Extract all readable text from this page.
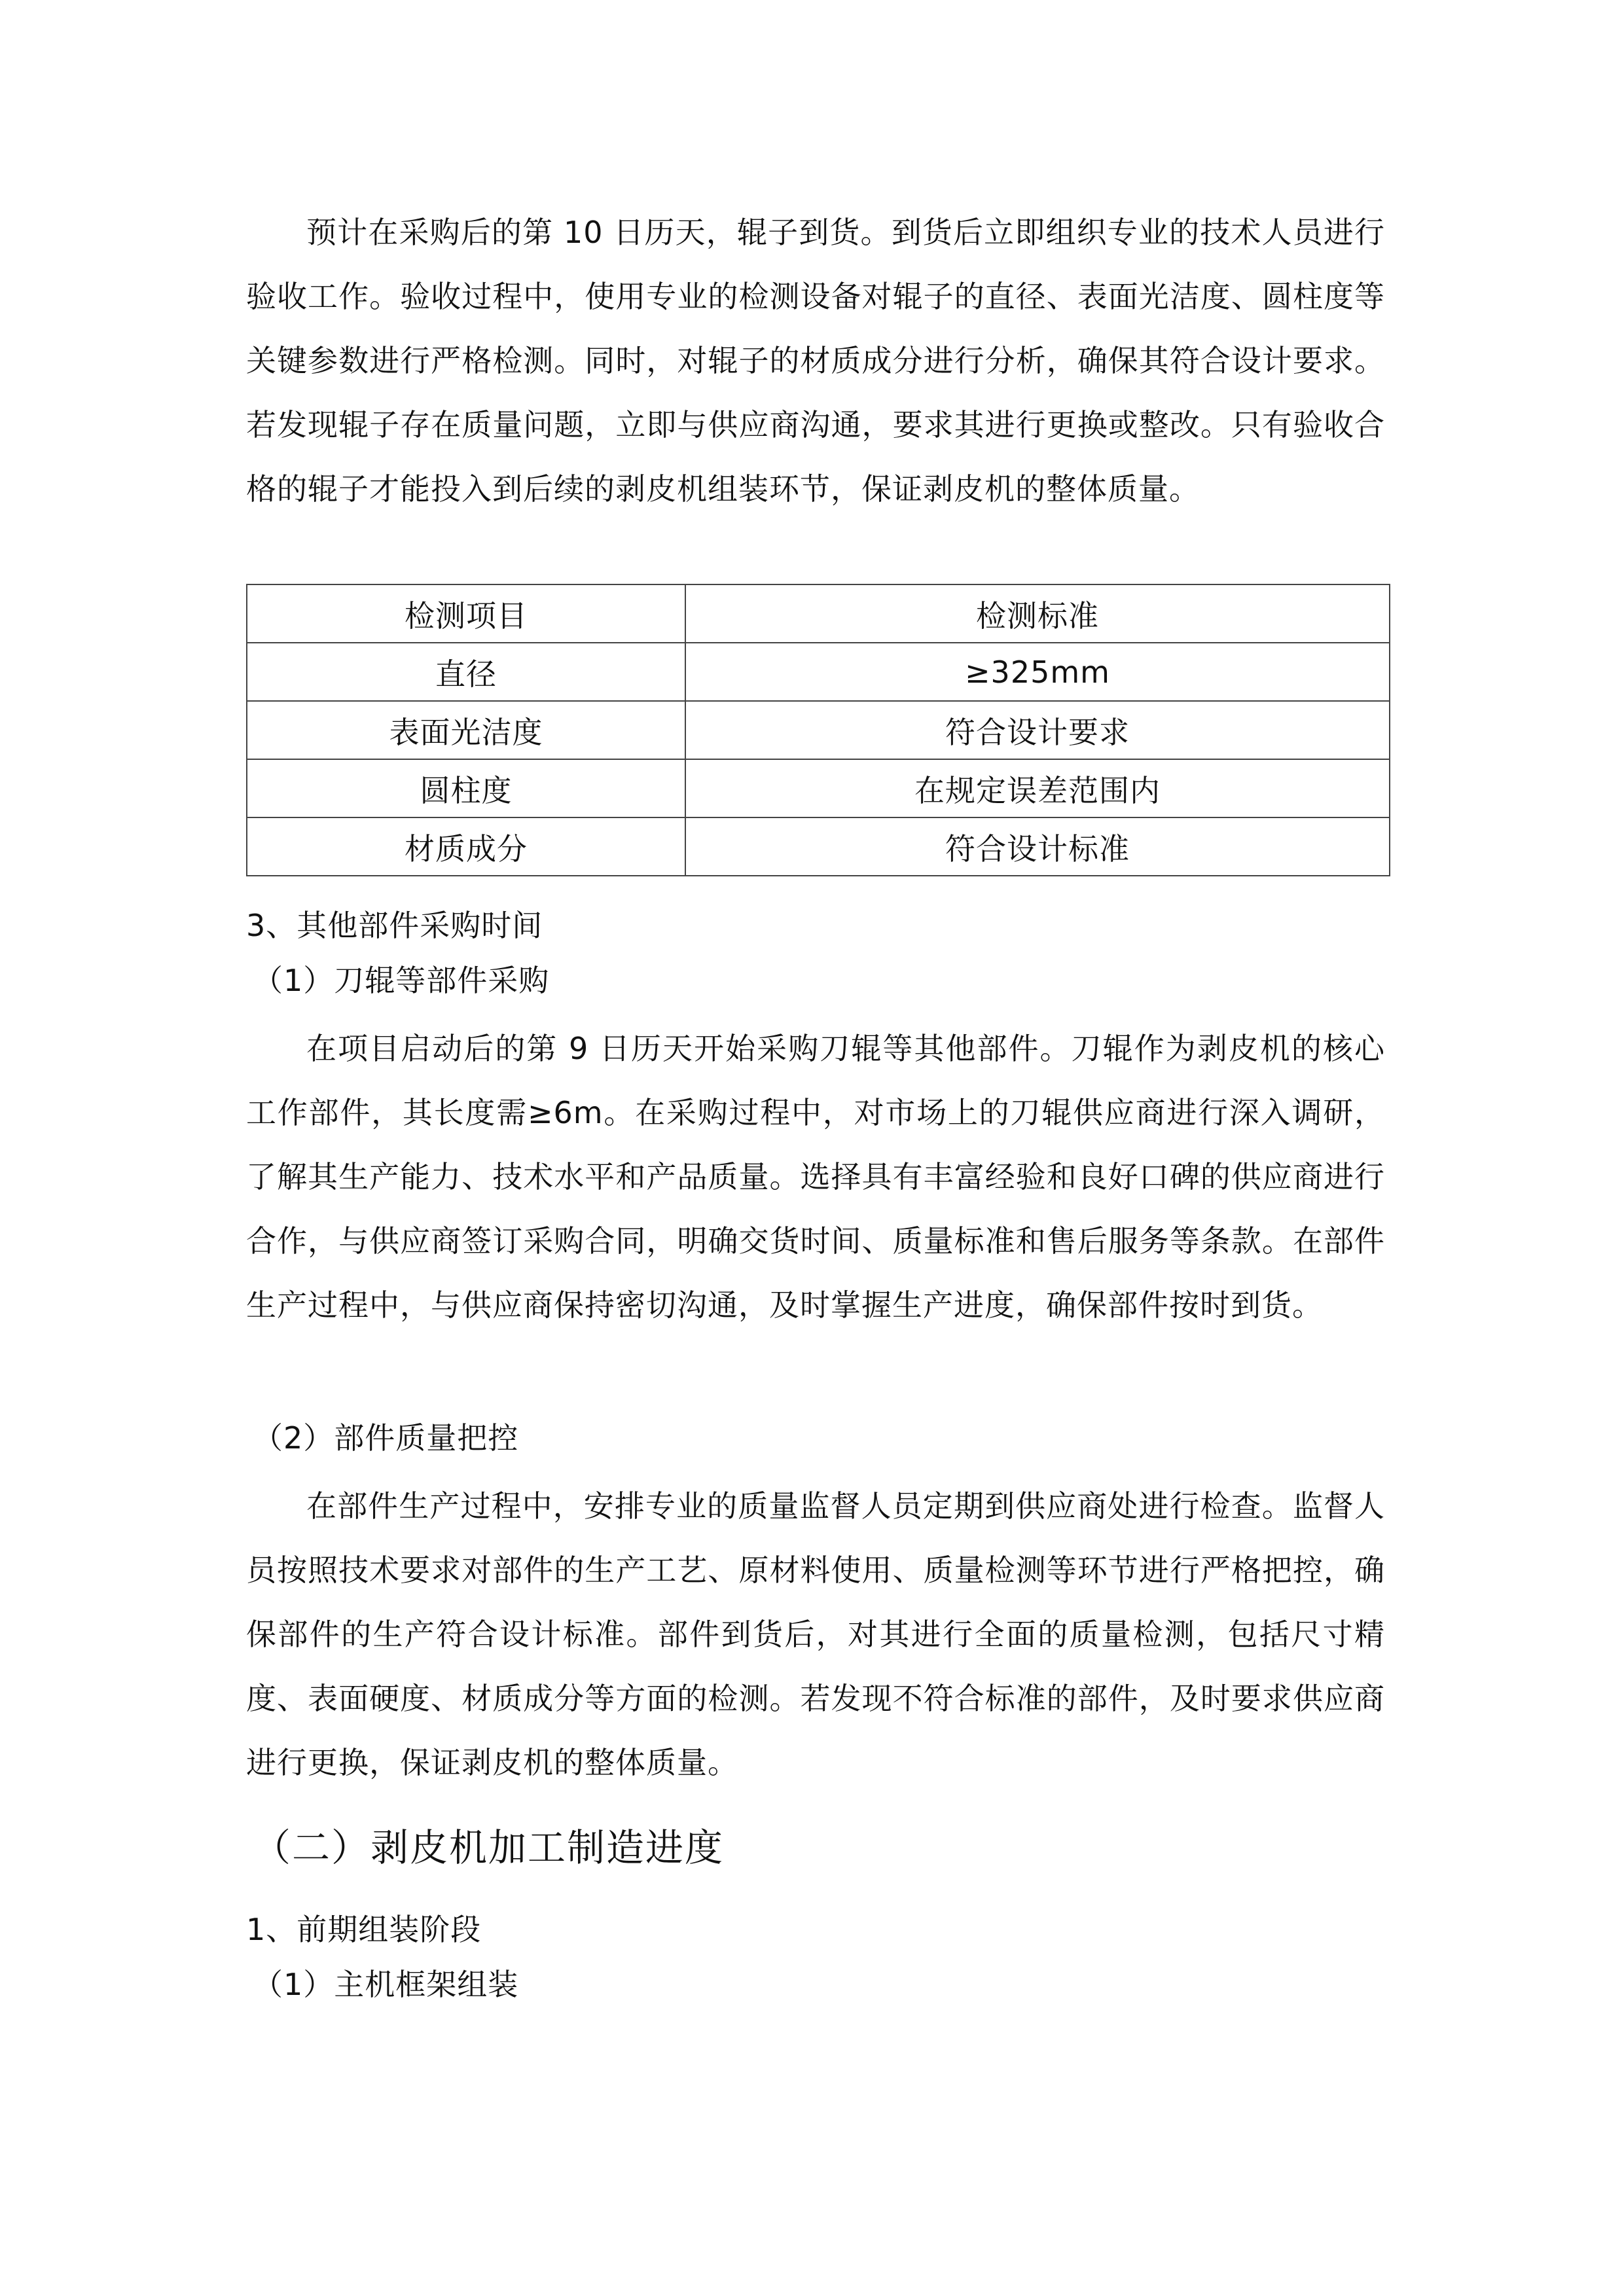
预计在采购后的第 10 日历天，辊子到货。到货后立即组织专业的技术人员进行验收工作。验收过程中，使用专业的检测设备对辊子的直径、表面光洁度、圆柱度等关键参数进行严格检测。同时，对辊子的材质成分进行分析，确保其符合设计要求。若发现辊子存在质量问题，立即与供应商沟通，要求其进行更换或整改。只有验收合格的辊子才能投入到后续的剥皮机组装环节，保证剥皮机的整体质量。
检测项目	检测标准
直径	≥325mm
表面光洁度	符合设计要求
圆柱度	在规定误差范围内
材质成分	符合设计标准
3、其他部件采购时间
（1）刀辊等部件采购
在项目启动后的第 9 日历天开始采购刀辊等其他部件。刀辊作为剥皮机的核心工作部件，其长度需≥6m。在采购过程中，对市场上的刀辊供应商进行深入调研，了解其生产能力、技术水平和产品质量。选择具有丰富经验和良好口碑的供应商进行合作，与供应商签订采购合同，明确交货时间、质量标准和售后服务等条款。在部件生产过程中，与供应商保持密切沟通，及时掌握生产进度，确保部件按时到货。
（2）部件质量把控
在部件生产过程中，安排专业的质量监督人员定期到供应商处进行检查。监督人员按照技术要求对部件的生产工艺、原材料使用、质量检测等环节进行严格把控，确保部件的生产符合设计标准。部件到货后，对其进行全面的质量检测，包括尺寸精度、表面硬度、材质成分等方面的检测。若发现不符合标准的部件，及时要求供应商进行更换，保证剥皮机的整体质量。
（二）剥皮机加工制造进度
1、前期组装阶段
（1）主机框架组装
